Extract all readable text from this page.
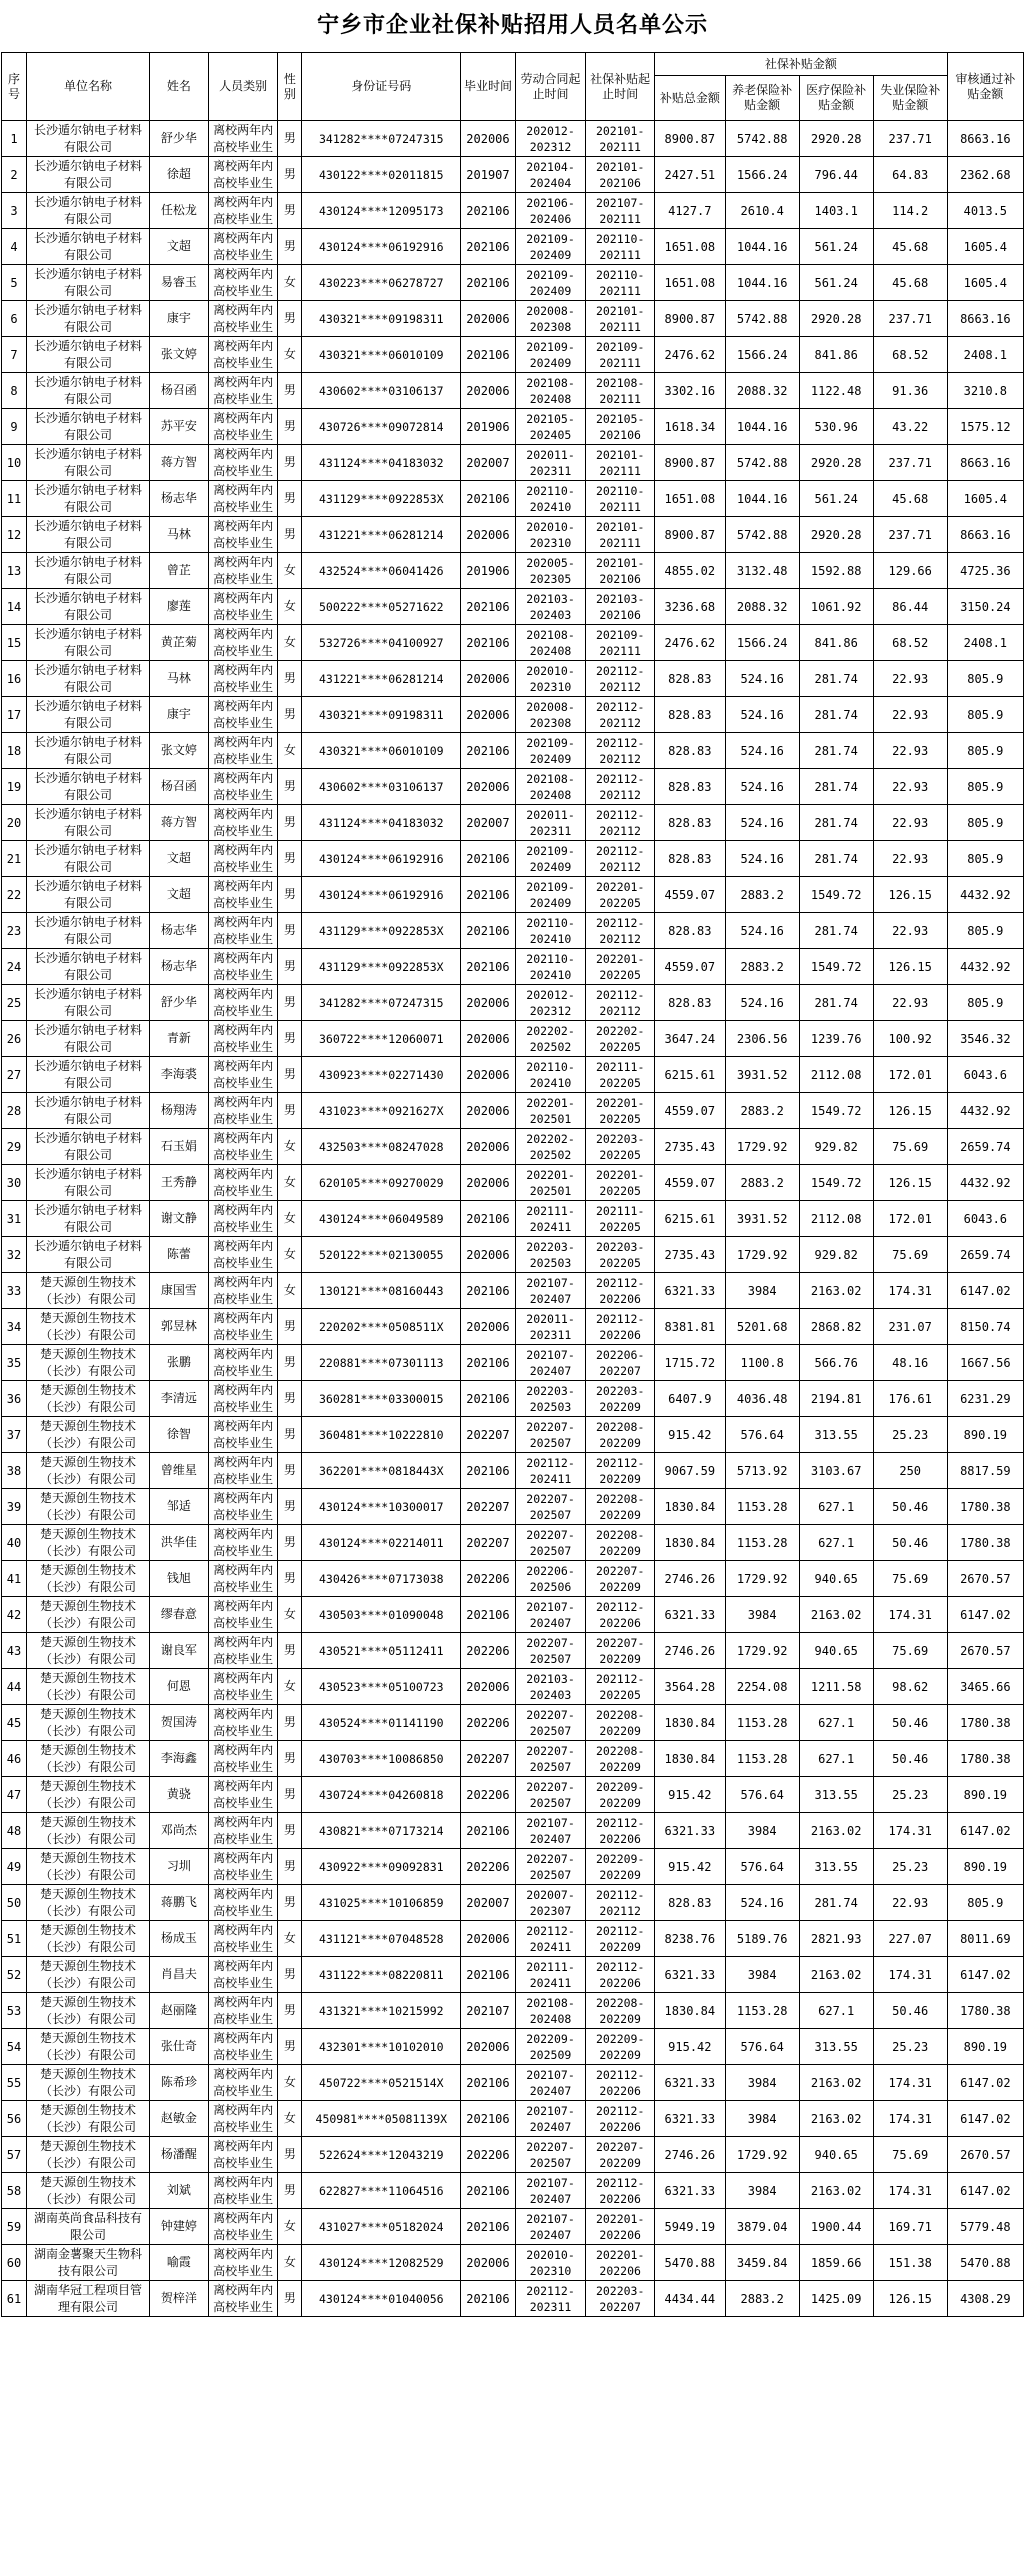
宁乡市企业社保补贴招用人员名单公示
序号	单位名称	姓名	人员类别	性别	身份证号码	毕业时间	劳动合同起止时间	社保补贴起止时间	社保补贴金额				审核通过补贴金额
									补贴总金额	养老保险补贴金额	医疗保险补贴金额	失业保险补贴金额	
1	长沙遁尔钠电子材料有限公司	舒少华	离校两年内高校毕业生	男	341282****07247315	202006	202012-202312	202101-202111	8900.87	5742.88	2920.28	237.71	8663.16
2	长沙遁尔钠电子材料有限公司	徐超	离校两年内高校毕业生	男	430122****02011815	201907	202104-202404	202101-202106	2427.51	1566.24	796.44	64.83	2362.68
3	长沙遁尔钠电子材料有限公司	任松龙	离校两年内高校毕业生	男	430124****12095173	202106	202106-202406	202107-202111	4127.7	2610.4	1403.1	114.2	4013.5
4	长沙遁尔钠电子材料有限公司	文超	离校两年内高校毕业生	男	430124****06192916	202106	202109-202409	202110-202111	1651.08	1044.16	561.24	45.68	1605.4
5	长沙遁尔钠电子材料有限公司	易睿玉	离校两年内高校毕业生	女	430223****06278727	202106	202109-202409	202110-202111	1651.08	1044.16	561.24	45.68	1605.4
6	长沙遁尔钠电子材料有限公司	康宇	离校两年内高校毕业生	男	430321****09198311	202006	202008-202308	202101-202111	8900.87	5742.88	2920.28	237.71	8663.16
7	长沙遁尔钠电子材料有限公司	张文婷	离校两年内高校毕业生	女	430321****06010109	202106	202109-202409	202109-202111	2476.62	1566.24	841.86	68.52	2408.1
8	长沙遁尔钠电子材料有限公司	杨召函	离校两年内高校毕业生	男	430602****03106137	202006	202108-202408	202108-202111	3302.16	2088.32	1122.48	91.36	3210.8
9	长沙遁尔钠电子材料有限公司	苏平安	离校两年内高校毕业生	男	430726****09072814	201906	202105-202405	202105-202106	1618.34	1044.16	530.96	43.22	1575.12
10	长沙遁尔钠电子材料有限公司	蒋方智	离校两年内高校毕业生	男	431124****04183032	202007	202011-202311	202101-202111	8900.87	5742.88	2920.28	237.71	8663.16
11	长沙遁尔钠电子材料有限公司	杨志华	离校两年内高校毕业生	男	431129****0922853X	202106	202110-202410	202110-202111	1651.08	1044.16	561.24	45.68	1605.4
12	长沙遁尔钠电子材料有限公司	马林	离校两年内高校毕业生	男	431221****06281214	202006	202010-202310	202101-202111	8900.87	5742.88	2920.28	237.71	8663.16
13	长沙遁尔钠电子材料有限公司	曾芷	离校两年内高校毕业生	女	432524****06041426	201906	202005-202305	202101-202106	4855.02	3132.48	1592.88	129.66	4725.36
14	长沙遁尔钠电子材料有限公司	廖莲	离校两年内高校毕业生	女	500222****05271622	202106	202103-202403	202103-202106	3236.68	2088.32	1061.92	86.44	3150.24
15	长沙遁尔钠电子材料有限公司	黄芷菊	离校两年内高校毕业生	女	532726****04100927	202106	202108-202408	202109-202111	2476.62	1566.24	841.86	68.52	2408.1
16	长沙遁尔钠电子材料有限公司	马林	离校两年内高校毕业生	男	431221****06281214	202006	202010-202310	202112-202112	828.83	524.16	281.74	22.93	805.9
17	长沙遁尔钠电子材料有限公司	康宇	离校两年内高校毕业生	男	430321****09198311	202006	202008-202308	202112-202112	828.83	524.16	281.74	22.93	805.9
18	长沙遁尔钠电子材料有限公司	张文婷	离校两年内高校毕业生	女	430321****06010109	202106	202109-202409	202112-202112	828.83	524.16	281.74	22.93	805.9
19	长沙遁尔钠电子材料有限公司	杨召函	离校两年内高校毕业生	男	430602****03106137	202006	202108-202408	202112-202112	828.83	524.16	281.74	22.93	805.9
20	长沙遁尔钠电子材料有限公司	蒋方智	离校两年内高校毕业生	男	431124****04183032	202007	202011-202311	202112-202112	828.83	524.16	281.74	22.93	805.9
21	长沙遁尔钠电子材料有限公司	文超	离校两年内高校毕业生	男	430124****06192916	202106	202109-202409	202112-202112	828.83	524.16	281.74	22.93	805.9
22	长沙遁尔钠电子材料有限公司	文超	离校两年内高校毕业生	男	430124****06192916	202106	202109-202409	202201-202205	4559.07	2883.2	1549.72	126.15	4432.92
23	长沙遁尔钠电子材料有限公司	杨志华	离校两年内高校毕业生	男	431129****0922853X	202106	202110-202410	202112-202112	828.83	524.16	281.74	22.93	805.9
24	长沙遁尔钠电子材料有限公司	杨志华	离校两年内高校毕业生	男	431129****0922853X	202106	202110-202410	202201-202205	4559.07	2883.2	1549.72	126.15	4432.92
25	长沙遁尔钠电子材料有限公司	舒少华	离校两年内高校毕业生	男	341282****07247315	202006	202012-202312	202112-202112	828.83	524.16	281.74	22.93	805.9
26	长沙遁尔钠电子材料有限公司	青新	离校两年内高校毕业生	男	360722****12060071	202006	202202-202502	202202-202205	3647.24	2306.56	1239.76	100.92	3546.32
27	长沙遁尔钠电子材料有限公司	李海裘	离校两年内高校毕业生	男	430923****02271430	202006	202110-202410	202111-202205	6215.61	3931.52	2112.08	172.01	6043.6
28	长沙遁尔钠电子材料有限公司	杨翔涛	离校两年内高校毕业生	男	431023****0921627X	202006	202201-202501	202201-202205	4559.07	2883.2	1549.72	126.15	4432.92
29	长沙遁尔钠电子材料有限公司	石玉娟	离校两年内高校毕业生	女	432503****08247028	202006	202202-202502	202203-202205	2735.43	1729.92	929.82	75.69	2659.74
30	长沙遁尔钠电子材料有限公司	王秀静	离校两年内高校毕业生	女	620105****09270029	202006	202201-202501	202201-202205	4559.07	2883.2	1549.72	126.15	4432.92
31	长沙遁尔钠电子材料有限公司	谢文静	离校两年内高校毕业生	女	430124****06049589	202106	202111-202411	202111-202205	6215.61	3931.52	2112.08	172.01	6043.6
32	长沙遁尔钠电子材料有限公司	陈蕾	离校两年内高校毕业生	女	520122****02130055	202006	202203-202503	202203-202205	2735.43	1729.92	929.82	75.69	2659.74
33	楚天源创生物技术（长沙）有限公司	康国雪	离校两年内高校毕业生	女	130121****08160443	202106	202107-202407	202112-202206	6321.33	3984	2163.02	174.31	6147.02
34	楚天源创生物技术（长沙）有限公司	郭昱林	离校两年内高校毕业生	男	220202****0508511X	202006	202011-202311	202112-202206	8381.81	5201.68	2868.82	231.07	8150.74
35	楚天源创生物技术（长沙）有限公司	张鹏	离校两年内高校毕业生	男	220881****07301113	202106	202107-202407	202206-202207	1715.72	1100.8	566.76	48.16	1667.56
36	楚天源创生物技术（长沙）有限公司	李清远	离校两年内高校毕业生	男	360281****03300015	202106	202203-202503	202203-202209	6407.9	4036.48	2194.81	176.61	6231.29
37	楚天源创生物技术（长沙）有限公司	徐智	离校两年内高校毕业生	男	360481****10222810	202207	202207-202507	202208-202209	915.42	576.64	313.55	25.23	890.19
38	楚天源创生物技术（长沙）有限公司	曾维星	离校两年内高校毕业生	男	362201****0818443X	202106	202112-202411	202112-202209	9067.59	5713.92	3103.67	250	8817.59
39	楚天源创生物技术（长沙）有限公司	邹适	离校两年内高校毕业生	男	430124****10300017	202207	202207-202507	202208-202209	1830.84	1153.28	627.1	50.46	1780.38
40	楚天源创生物技术（长沙）有限公司	洪华佳	离校两年内高校毕业生	男	430124****02214011	202207	202207-202507	202208-202209	1830.84	1153.28	627.1	50.46	1780.38
41	楚天源创生物技术（长沙）有限公司	钱旭	离校两年内高校毕业生	男	430426****07173038	202206	202206-202506	202207-202209	2746.26	1729.92	940.65	75.69	2670.57
42	楚天源创生物技术（长沙）有限公司	缪春意	离校两年内高校毕业生	女	430503****01090048	202106	202107-202407	202112-202206	6321.33	3984	2163.02	174.31	6147.02
43	楚天源创生物技术（长沙）有限公司	谢良军	离校两年内高校毕业生	男	430521****05112411	202206	202207-202507	202207-202209	2746.26	1729.92	940.65	75.69	2670.57
44	楚天源创生物技术（长沙）有限公司	何恩	离校两年内高校毕业生	女	430523****05100723	202006	202103-202403	202112-202205	3564.28	2254.08	1211.58	98.62	3465.66
45	楚天源创生物技术（长沙）有限公司	贺国涛	离校两年内高校毕业生	男	430524****01141190	202206	202207-202507	202208-202209	1830.84	1153.28	627.1	50.46	1780.38
46	楚天源创生物技术（长沙）有限公司	李海鑫	离校两年内高校毕业生	男	430703****10086850	202207	202207-202507	202208-202209	1830.84	1153.28	627.1	50.46	1780.38
47	楚天源创生物技术（长沙）有限公司	黄骁	离校两年内高校毕业生	男	430724****04260818	202206	202207-202507	202209-202209	915.42	576.64	313.55	25.23	890.19
48	楚天源创生物技术（长沙）有限公司	邓尚杰	离校两年内高校毕业生	男	430821****07173214	202106	202107-202407	202112-202206	6321.33	3984	2163.02	174.31	6147.02
49	楚天源创生物技术（长沙）有限公司	习圳	离校两年内高校毕业生	男	430922****09092831	202206	202207-202507	202209-202209	915.42	576.64	313.55	25.23	890.19
50	楚天源创生物技术（长沙）有限公司	蒋鹏飞	离校两年内高校毕业生	男	431025****10106859	202007	202007-202307	202112-202112	828.83	524.16	281.74	22.93	805.9
51	楚天源创生物技术（长沙）有限公司	杨成玉	离校两年内高校毕业生	女	431121****07048528	202006	202112-202411	202112-202209	8238.76	5189.76	2821.93	227.07	8011.69
52	楚天源创生物技术（长沙）有限公司	肖昌夫	离校两年内高校毕业生	男	431122****08220811	202106	202111-202411	202112-202206	6321.33	3984	2163.02	174.31	6147.02
53	楚天源创生物技术（长沙）有限公司	赵丽隆	离校两年内高校毕业生	男	431321****10215992	202107	202108-202408	202208-202209	1830.84	1153.28	627.1	50.46	1780.38
54	楚天源创生物技术（长沙）有限公司	张仕奇	离校两年内高校毕业生	男	432301****10102010	202006	202209-202509	202209-202209	915.42	576.64	313.55	25.23	890.19
55	楚天源创生物技术（长沙）有限公司	陈希珍	离校两年内高校毕业生	女	450722****0521514X	202106	202107-202407	202112-202206	6321.33	3984	2163.02	174.31	6147.02
56	楚天源创生物技术（长沙）有限公司	赵敏金	离校两年内高校毕业生	女	450981****05081139X	202106	202107-202407	202112-202206	6321.33	3984	2163.02	174.31	6147.02
57	楚天源创生物技术（长沙）有限公司	杨潘醒	离校两年内高校毕业生	男	522624****12043219	202206	202207-202507	202207-202209	2746.26	1729.92	940.65	75.69	2670.57
58	楚天源创生物技术（长沙）有限公司	刘斌	离校两年内高校毕业生	男	622827****11064516	202106	202107-202407	202112-202206	6321.33	3984	2163.02	174.31	6147.02
59	湖南英尚食品科技有限公司	钟建婷	离校两年内高校毕业生	女	431027****05182024	202106	202107-202407	202201-202206	5949.19	3879.04	1900.44	169.71	5779.48
60	湖南金薯聚天生物科技有限公司	喻霞	离校两年内高校毕业生	女	430124****12082529	202006	202010-202310	202201-202206	5470.88	3459.84	1859.66	151.38	5470.88
61	湖南华冠工程项目管理有限公司	贺梓洋	离校两年内高校毕业生	男	430124****01040056	202106	202112-202311	202203-202207	4434.44	2883.2	1425.09	126.15	4308.29
